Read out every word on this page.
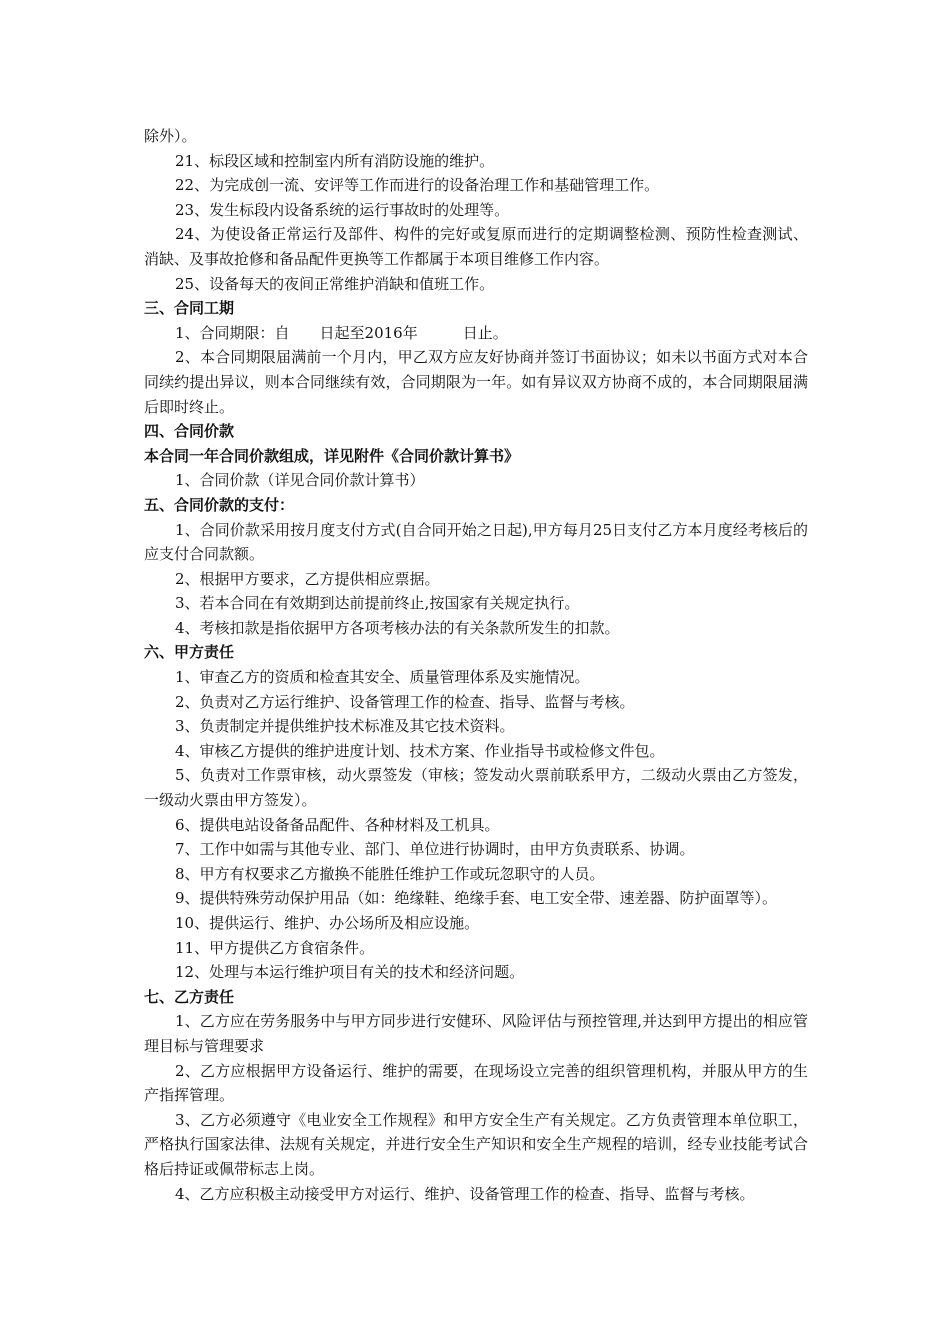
除外）。

21、标段区域和控制室内所有消防设施的维护。

22、为完成创一流、安评等工作而进行的设备治理工作和基础管理工作。

23、发生标段内设备系统的运行事故时的处理等。

24、为使设备正常运行及部件、构件的完好或复原而进行的定期调整检测、预防性检查测试、消缺、及事故抢修和备品配件更换等工作都属于本项目维修工作内容。

25、设备每天的夜间正常维护消缺和值班工作。

三、合同工期

1、合同期限：自　　日起至2016年　　　日止。

2、本合同期限届满前一个月内，甲乙双方应友好协商并签订书面协议；如未以书面方式对本合同续约提出异议，则本合同继续有效，合同期限为一年。如有异议双方协商不成的，本合同期限届满后即时终止。

四、合同价款

本合同一年合同价款组成，详见附件《合同价款计算书》

1、合同价款（详见合同价款计算书）

五、合同价款的支付：

1、合同价款采用按月度支付方式(自合同开始之日起),甲方每月25日支付乙方本月度经考核后的应支付合同款额。

2、根据甲方要求，乙方提供相应票据。

3、若本合同在有效期到达前提前终止,按国家有关规定执行。

4、考核扣款是指依据甲方各项考核办法的有关条款所发生的扣款。

六、甲方责任

1、审查乙方的资质和检查其安全、质量管理体系及实施情况。

2、负责对乙方运行维护、设备管理工作的检查、指导、监督与考核。

3、负责制定并提供维护技术标准及其它技术资料。

4、审核乙方提供的维护进度计划、技术方案、作业指导书或检修文件包。

5、负责对工作票审核，动火票签发（审核；签发动火票前联系甲方，二级动火票由乙方签发，一级动火票由甲方签发）。

6、提供电站设备备品配件、各种材料及工机具。

7、工作中如需与其他专业、部门、单位进行协调时，由甲方负责联系、协调。

8、甲方有权要求乙方撤换不能胜任维护工作或玩忽职守的人员。

9、提供特殊劳动保护用品（如：绝缘鞋、绝缘手套、电工安全带、速差器、防护面罩等）。

10、提供运行、维护、办公场所及相应设施。

11、甲方提供乙方食宿条件。

12、处理与本运行维护项目有关的技术和经济问题。

七、乙方责任

1、乙方应在劳务服务中与甲方同步进行安健环、风险评估与预控管理,并达到甲方提出的相应管理目标与管理要求

2、乙方应根据甲方设备运行、维护的需要，在现场设立完善的组织管理机构，并服从甲方的生产指挥管理。

3、乙方必须遵守《电业安全工作规程》和甲方安全生产有关规定。乙方负责管理本单位职工，严格执行国家法律、法规有关规定，并进行安全生产知识和安全生产规程的培训，经专业技能考试合格后持证或佩带标志上岗。

4、乙方应积极主动接受甲方对运行、维护、设备管理工作的检查、指导、监督与考核。
